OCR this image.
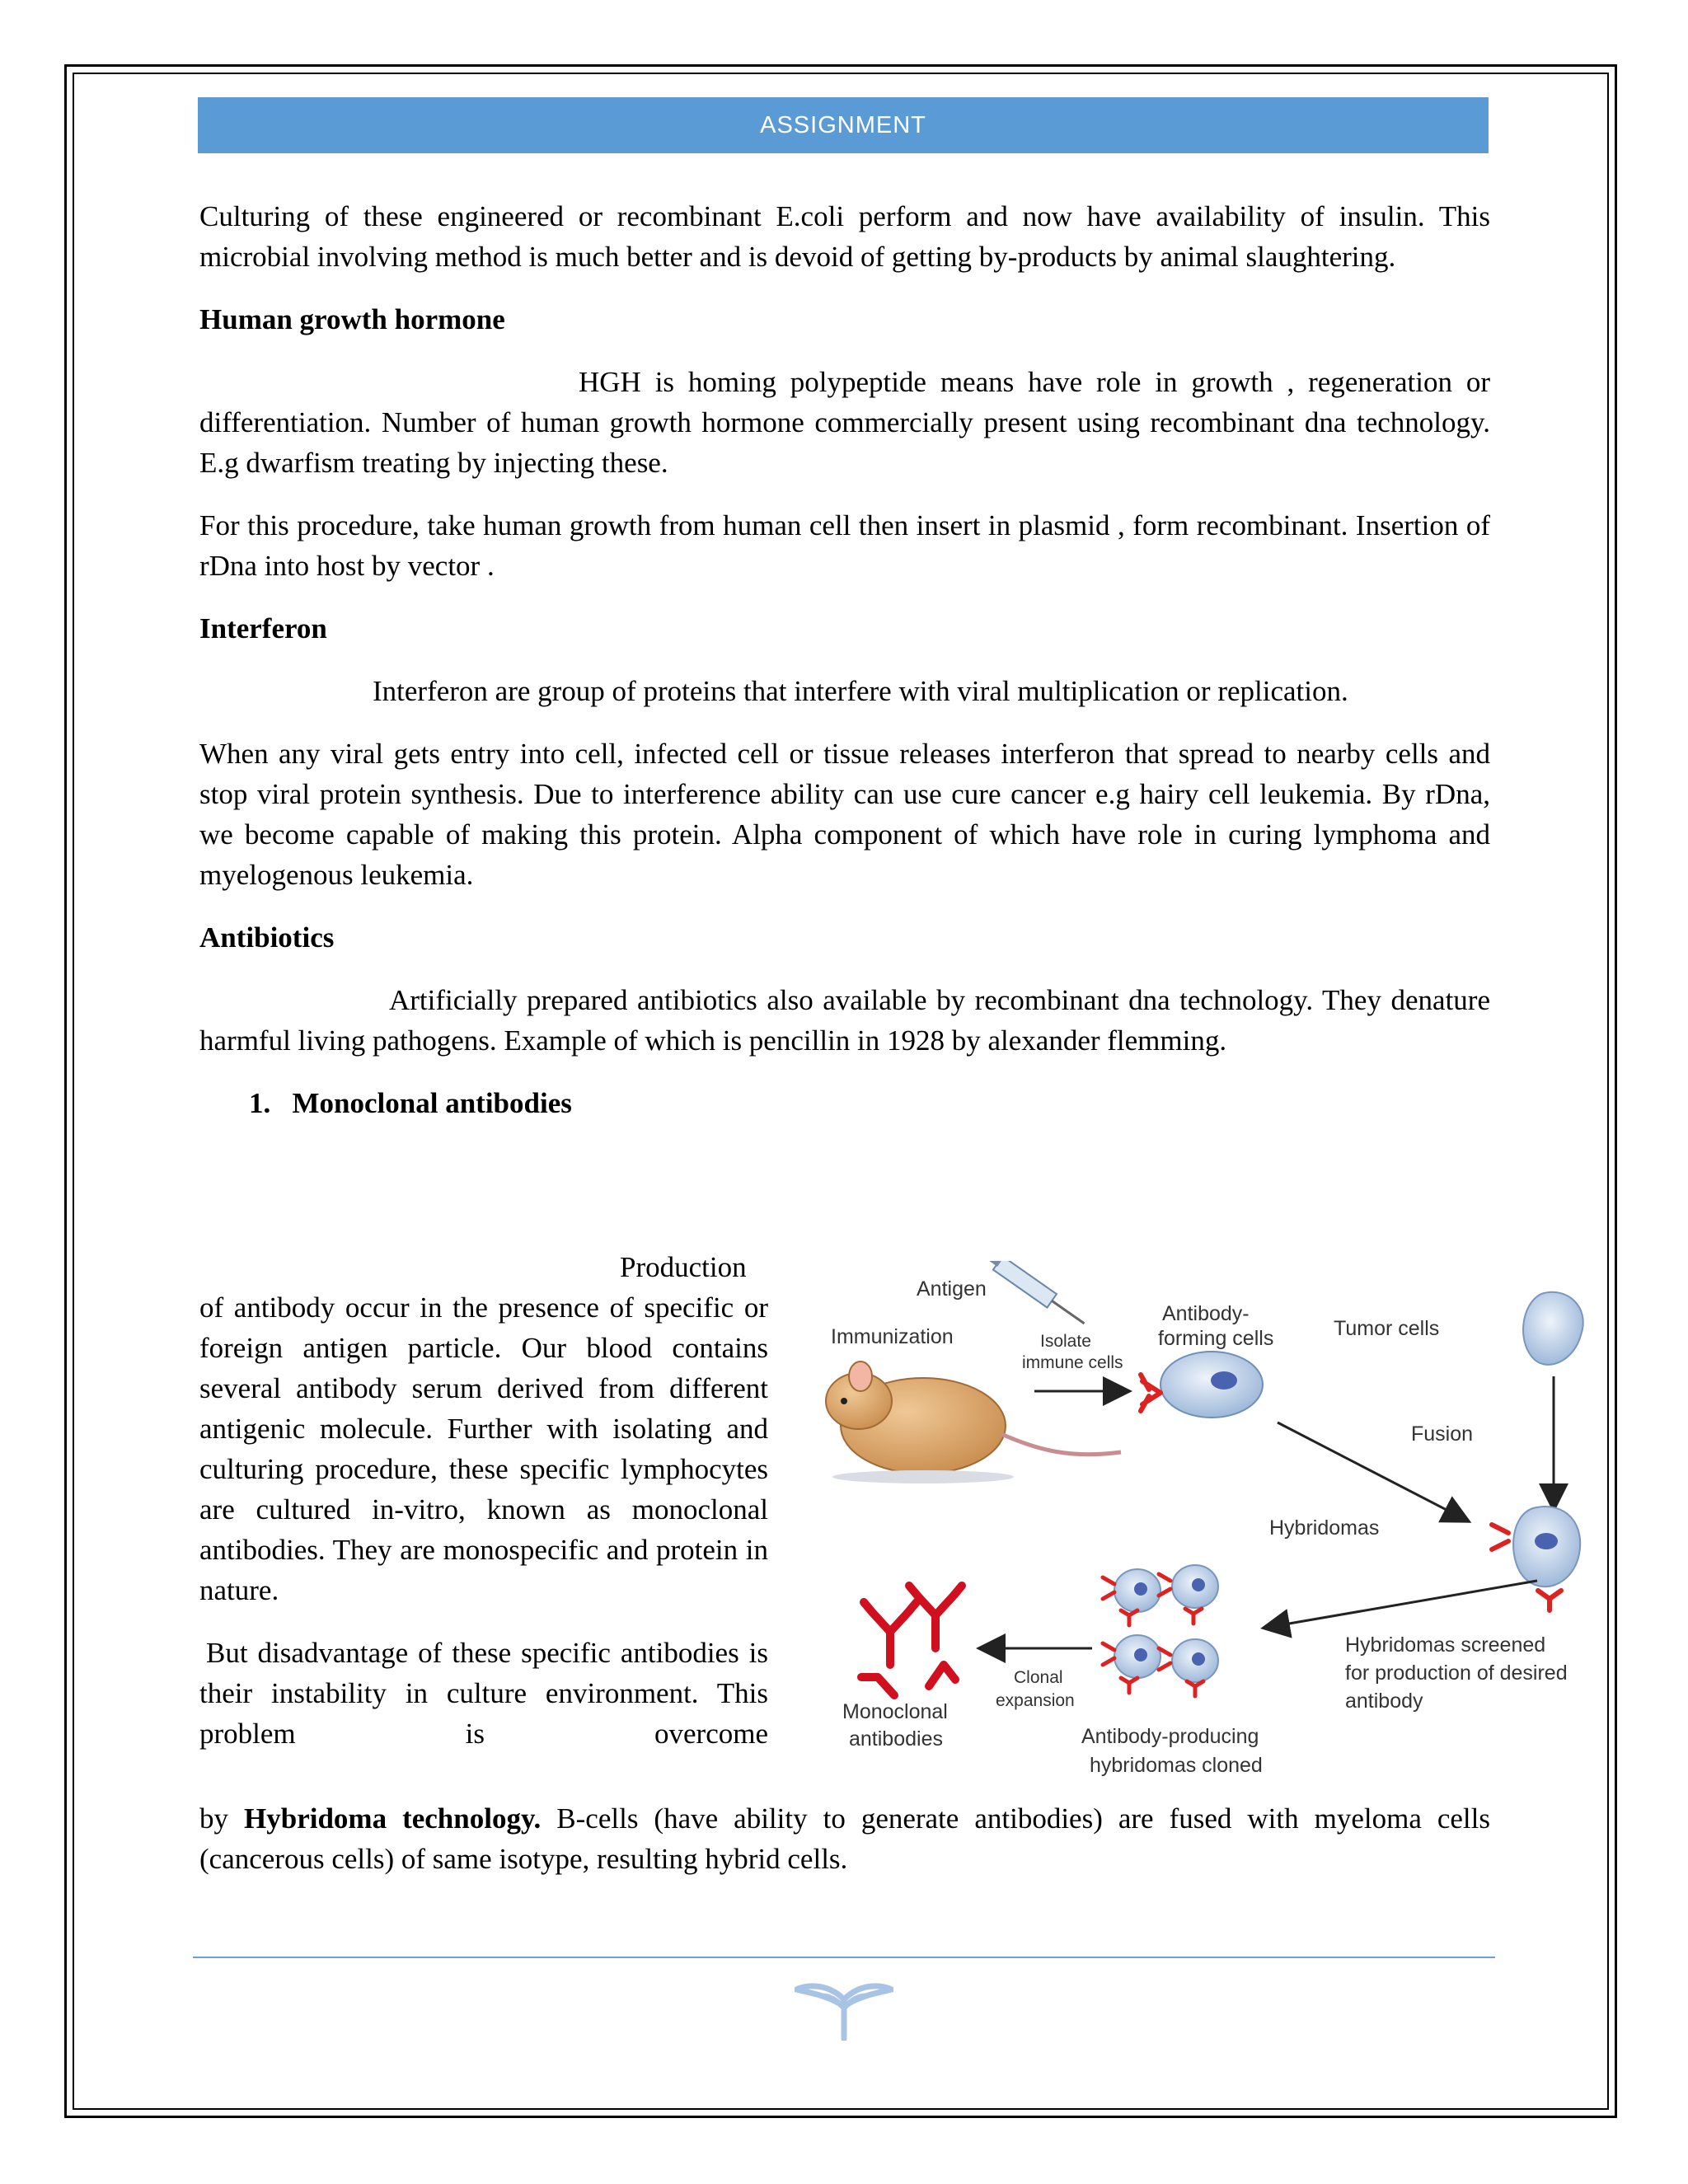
ASSIGNMENT

Culturing of these engineered or recombinant E.coli perform and now have availability of insulin. This microbial involving method is much better and is devoid of getting by-products by animal slaughtering.

Human growth hormone

HGH is homing polypeptide means have role in growth , regeneration or differentiation. Number of human growth hormone commercially present using recombinant dna technology. E.g dwarfism treating by injecting these.

For this procedure, take human growth from human cell then insert in plasmid , form recombinant. Insertion of rDna into host by vector .

Interferon

Interferon are group of proteins that interfere with viral multiplication or replication.

When any viral gets entry into cell, infected cell or tissue releases interferon that spread to nearby cells and stop viral protein synthesis. Due to interference ability can use cure cancer e.g hairy cell leukemia. By rDna, we become capable of making this protein. Alpha component of which have role in curing lymphoma and myelogenous leukemia.

Antibiotics

Artificially prepared antibiotics also available by recombinant dna technology. They denature harmful living pathogens. Example of which is pencillin in 1928 by alexander flemming.

1. Monoclonal antibodies

Production of antibody occur in the presence of specific or foreign antigen particle. Our blood contains several antibody serum derived from different antigenic molecule. Further with isolating and culturing procedure, these specific lymphocytes are cultured in-vitro, known as monoclonal antibodies. They are monospecific and protein in nature.

But disadvantage of these specific antibodies is their instability in culture environment. This problem is overcome

by Hybridoma technology. B-cells (have ability to generate antibodies) are fused with myeloma cells (cancerous cells) of same isotype, resulting hybrid cells.
Antigen
Immunization	Isolate
immune cells
Antibody-
forming cells	Tumor cells
Fusion
Hybridomas
Hybridomas screened
for production of desired
antibody
Antibody-producing
hybridomas cloned
Clonal
expansion
Monoclonal
antibodies
